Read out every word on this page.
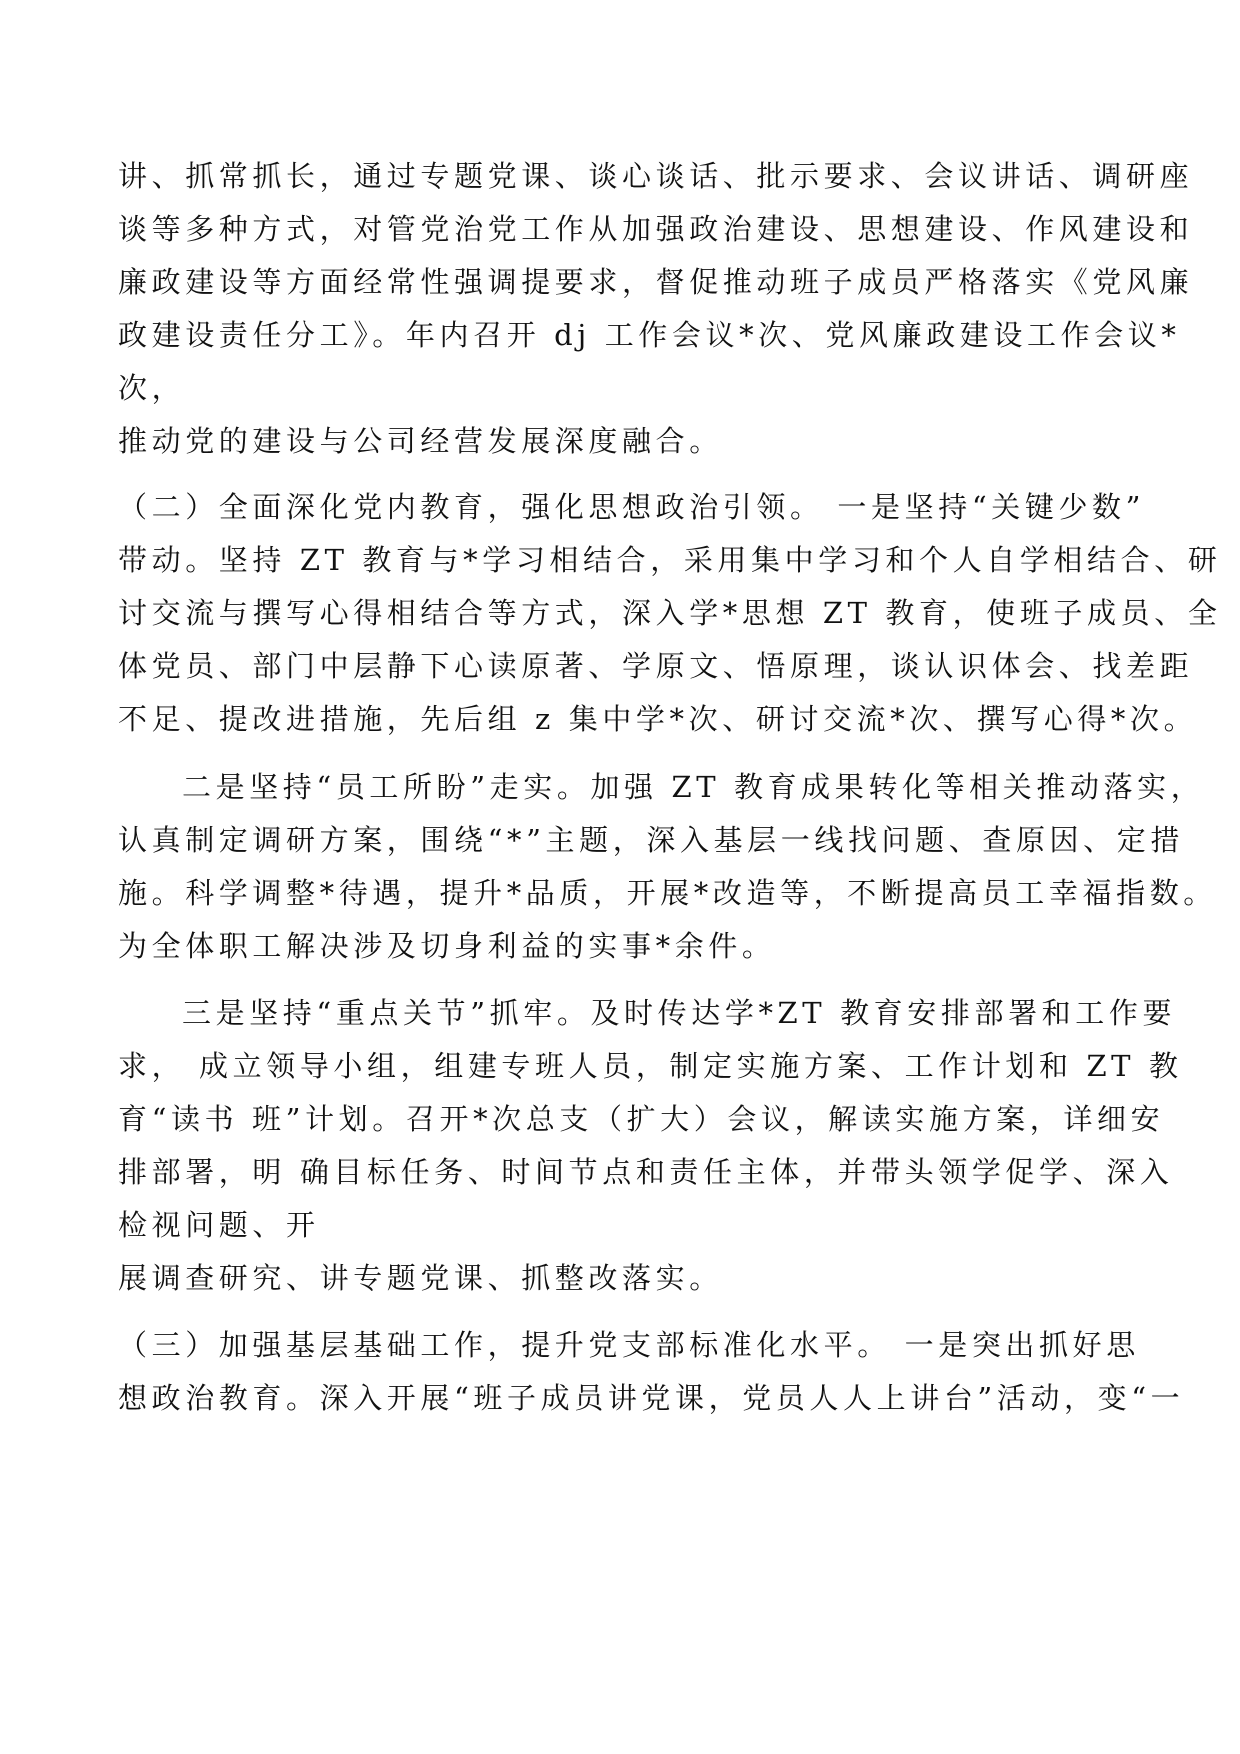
讲、抓常抓长，通过专题党课、谈心谈话、批示要求、会议讲话、调研座
谈等多种方式，对管党治党工作从加强政治建设、思想建设、作风建设和
廉政建设等方面经常性强调提要求，督促推动班子成员严格落实《党风廉
政建设责任分工》。年内召开 dj 工作会议*次、党风廉政建设工作会议*
次，
推动党的建设与公司经营发展深度融合。
（二）全面深化党内教育，强化思想政治引领。 一是坚持“关键少数”
带动。坚持 ZT 教育与*学习相结合，采用集中学习和个人自学相结合、研
讨交流与撰写心得相结合等方式，深入学*思想 ZT 教育，使班子成员、全
体党员、部门中层静下心读原著、学原文、悟原理，谈认识体会、找差距
不足、提改进措施，先后组 z 集中学*次、研讨交流*次、撰写心得*次。
二是坚持“员工所盼”走实。加强 ZT 教育成果转化等相关推动落实，
认真制定调研方案，围绕“*”主题，深入基层一线找问题、查原因、定措
施。科学调整*待遇，提升*品质，开展*改造等，不断提高员工幸福指数。
为全体职工解决涉及切身利益的实事*余件。
三是坚持“重点关节”抓牢。及时传达学*ZT 教育安排部署和工作要
求， 成立领导小组，组建专班人员，制定实施方案、工作计划和 ZT 教
育“读书 班”计划。召开*次总支（扩大）会议，解读实施方案，详细安
排部署，明 确目标任务、时间节点和责任主体，并带头领学促学、深入
检视问题、开
展调查研究、讲专题党课、抓整改落实。
（三）加强基层基础工作，提升党支部标准化水平。 一是突出抓好思
想政治教育。深入开展“班子成员讲党课，党员人人上讲台”活动，变“一
